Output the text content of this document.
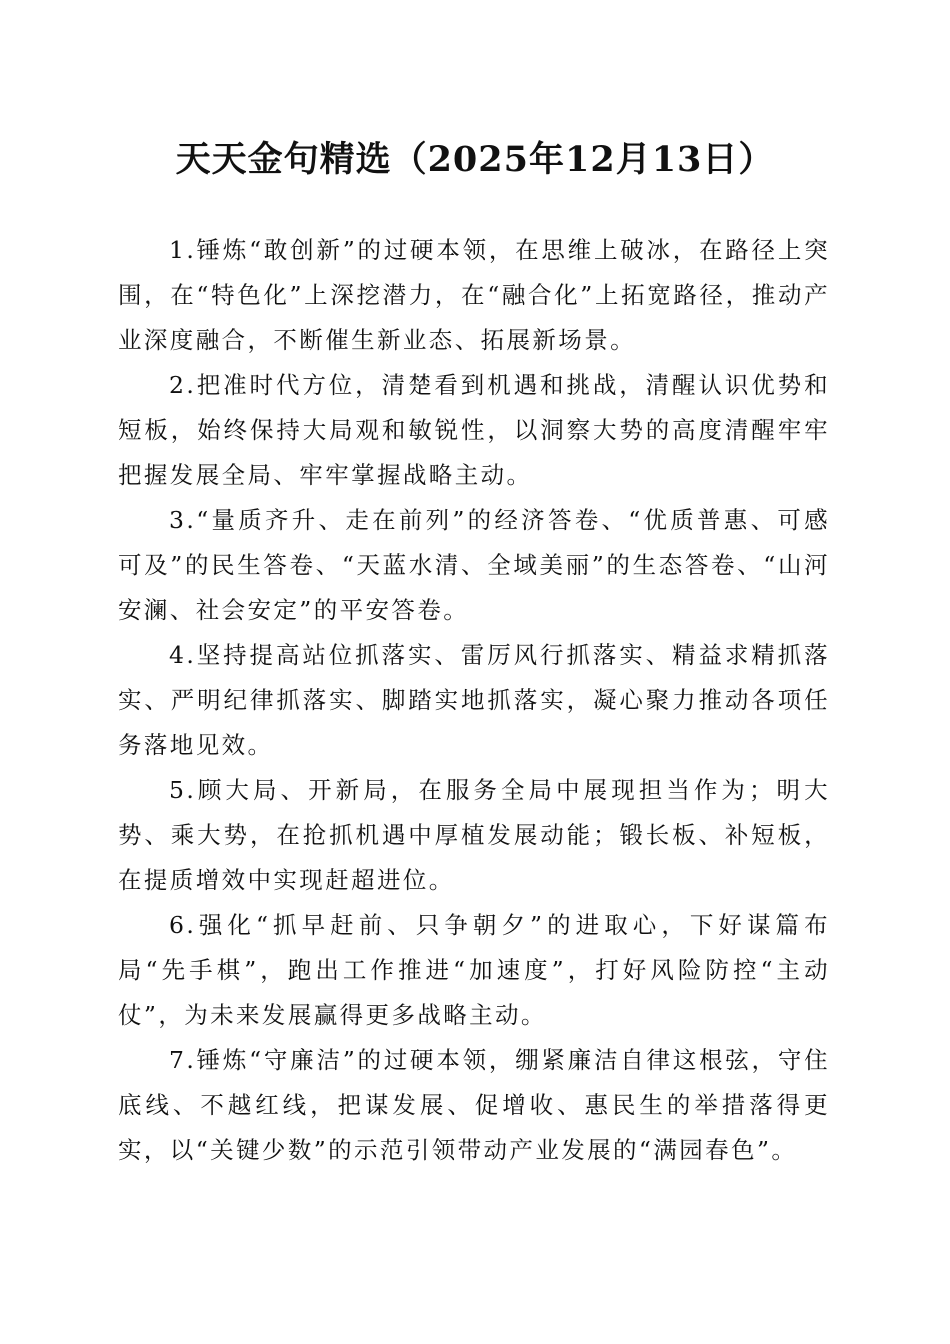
天天金句精选（2025年12月13日）

1.锤炼“敢创新”的过硬本领，在思维上破冰，在路径上突围，在“特色化”上深挖潜力，在“融合化”上拓宽路径，推动产业深度融合，不断催生新业态、拓展新场景。

2.把准时代方位，清楚看到机遇和挑战，清醒认识优势和短板，始终保持大局观和敏锐性，以洞察大势的高度清醒牢牢把握发展全局、牢牢掌握战略主动。

3.“量质齐升、走在前列”的经济答卷、“优质普惠、可感可及”的民生答卷、“天蓝水清、全域美丽”的生态答卷、“山河安澜、社会安定”的平安答卷。

4.坚持提高站位抓落实、雷厉风行抓落实、精益求精抓落实、严明纪律抓落实、脚踏实地抓落实，凝心聚力推动各项任务落地见效。

5.顾大局、开新局，在服务全局中展现担当作为；明大势、乘大势，在抢抓机遇中厚植发展动能；锻长板、补短板，在提质增效中实现赶超进位。

6.强化“抓早赶前、只争朝夕”的进取心，下好谋篇布局“先手棋”，跑出工作推进“加速度”，打好风险防控“主动仗”，为未来发展赢得更多战略主动。

7.锤炼“守廉洁”的过硬本领，绷紧廉洁自律这根弦，守住底线、不越红线，把谋发展、促增收、惠民生的举措落得更实，以“关键少数”的示范引领带动产业发展的“满园春色”。
